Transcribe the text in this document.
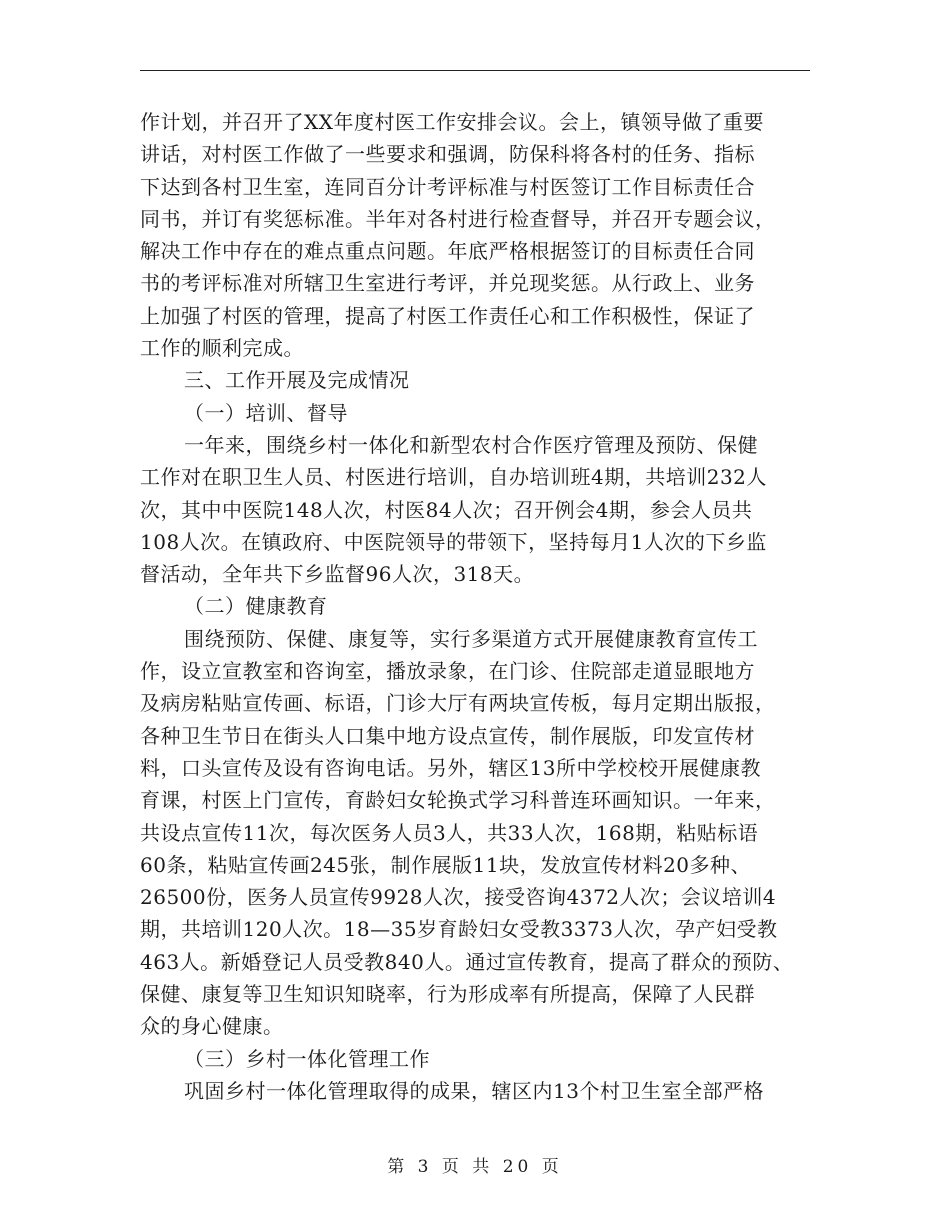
作计划，并召开了XX年度村医工作安排会议。会上，镇领导做了重要
讲话，对村医工作做了一些要求和强调，防保科将各村的任务、指标
下达到各村卫生室，连同百分计考评标准与村医签订工作目标责任合
同书，并订有奖惩标准。半年对各村进行检查督导，并召开专题会议，
解决工作中存在的难点重点问题。年底严格根据签订的目标责任合同
书的考评标准对所辖卫生室进行考评，并兑现奖惩。从行政上、业务
上加强了村医的管理，提高了村医工作责任心和工作积极性，保证了
工作的顺利完成。
三、工作开展及完成情况
（一）培训、督导
一年来，围绕乡村一体化和新型农村合作医疗管理及预防、保健
工作对在职卫生人员、村医进行培训，自办培训班4期，共培训232人
次，其中中医院148人次，村医84人次；召开例会4期，参会人员共
108人次。在镇政府、中医院领导的带领下，坚持每月1人次的下乡监
督活动，全年共下乡监督96人次，318天。
（二）健康教育
围绕预防、保健、康复等，实行多渠道方式开展健康教育宣传工
作，设立宣教室和咨询室，播放录象，在门诊、住院部走道显眼地方
及病房粘贴宣传画、标语，门诊大厅有两块宣传板，每月定期出版报，
各种卫生节日在街头人口集中地方设点宣传，制作展版，印发宣传材
料，口头宣传及设有咨询电话。另外，辖区13所中学校校开展健康教
育课，村医上门宣传，育龄妇女轮换式学习科普连环画知识。一年来，
共设点宣传11次，每次医务人员3人，共33人次，168期，粘贴标语
60条，粘贴宣传画245张，制作展版11块，发放宣传材料20多种、
26500份，医务人员宣传9928人次，接受咨询4372人次；会议培训4
期，共培训120人次。18—35岁育龄妇女受教3373人次，孕产妇受教
463人。新婚登记人员受教840人。通过宣传教育，提高了群众的预防、
保健、康复等卫生知识知晓率，行为形成率有所提高，保障了人民群
众的身心健康。
（三）乡村一体化管理工作
巩固乡村一体化管理取得的成果，辖区内13个村卫生室全部严格
第 3 页 共 20 页
